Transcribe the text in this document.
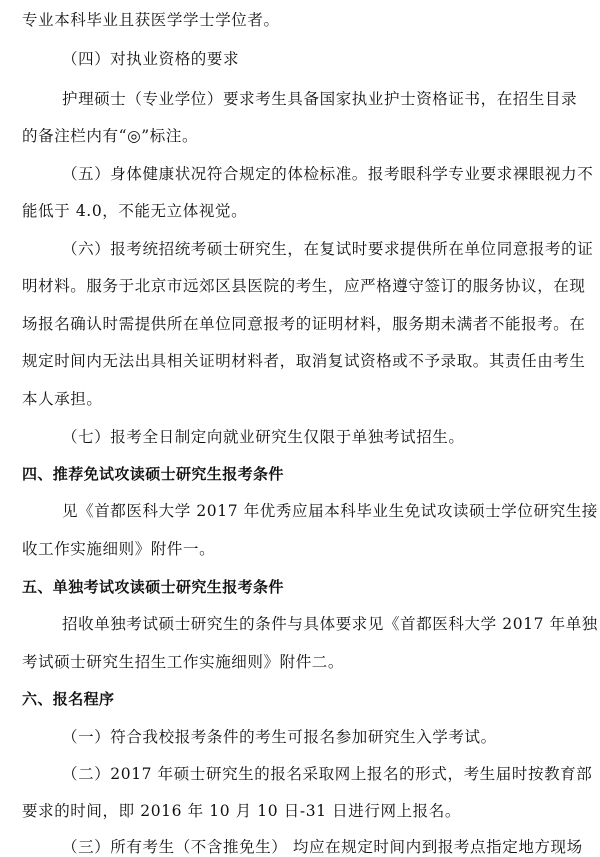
专业本科毕业且获医学学士学位者。
（四）对执业资格的要求
护理硕士（专业学位）要求考生具备国家执业护士资格证书，在招生目录
的备注栏内有“◎”标注。
（五）身体健康状况符合规定的体检标准。报考眼科学专业要求裸眼视力不
能低于 4.0，不能无立体视觉。
（六）报考统招统考硕士研究生，在复试时要求提供所在单位同意报考的证
明材料。服务于北京市远郊区县医院的考生，应严格遵守签订的服务协议，在现
场报名确认时需提供所在单位同意报考的证明材料，服务期未满者不能报考。在
规定时间内无法出具相关证明材料者，取消复试资格或不予录取。其责任由考生
本人承担。
（七）报考全日制定向就业研究生仅限于单独考试招生。
四、推荐免试攻读硕士研究生报考条件
见《首都医科大学 2017 年优秀应届本科毕业生免试攻读硕士学位研究生接
收工作实施细则》附件一。
五、单独考试攻读硕士研究生报考条件
招收单独考试硕士研究生的条件与具体要求见《首都医科大学 2017 年单独
考试硕士研究生招生工作实施细则》附件二。
六、报名程序
（一）符合我校报考条件的考生可报名参加研究生入学考试。
（二）2017 年硕士研究生的报名采取网上报名的形式，考生届时按教育部
要求的时间，即 2016 年 10 月 10 日-31 日进行网上报名。
（三）所有考生（不含推免生） 均应在规定时间内到报考点指定地方现场
